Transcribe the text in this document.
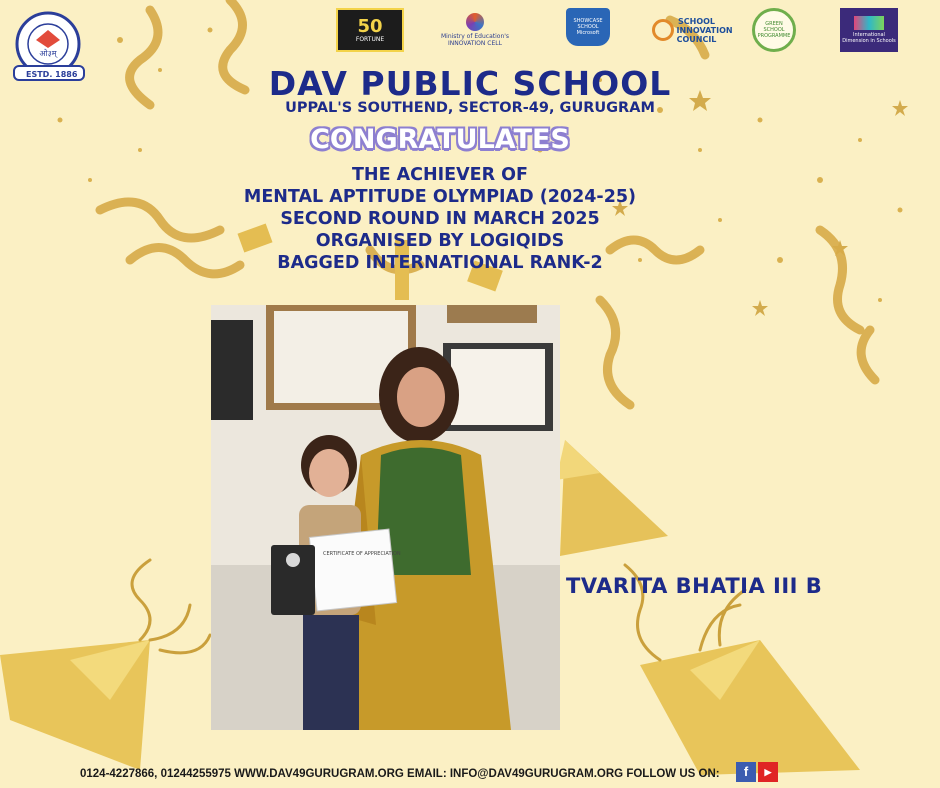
ओ३म्
ESTD. 1886
50
FORTUNE	Ministry of Education's INNOVATION CELL
SHOWCASE SCHOOL
Microsoft
SCHOOL INNOVATION COUNCIL
GREEN SCHOOL PROGRAMME	International Dimension in Schools
DAV PUBLIC SCHOOL
UPPAL'S SOUTHEND, SECTOR-49, GURUGRAM
CONGRATULATES
THE ACHIEVER OF
MENTAL APTITUDE OLYMPIAD (2024-25)
SECOND ROUND IN MARCH 2025
ORGANISED BY LOGIQIDS
BAGGED INTERNATIONAL RANK-2
CERTIFICATE OF APPRECIATION
TVARITA BHATIA III B
0124-4227866, 01244255975 WWW.DAV49GURUGRAM.ORG EMAIL: INFO@DAV49GURUGRAM.ORG FOLLOW US ON:	f	▶
